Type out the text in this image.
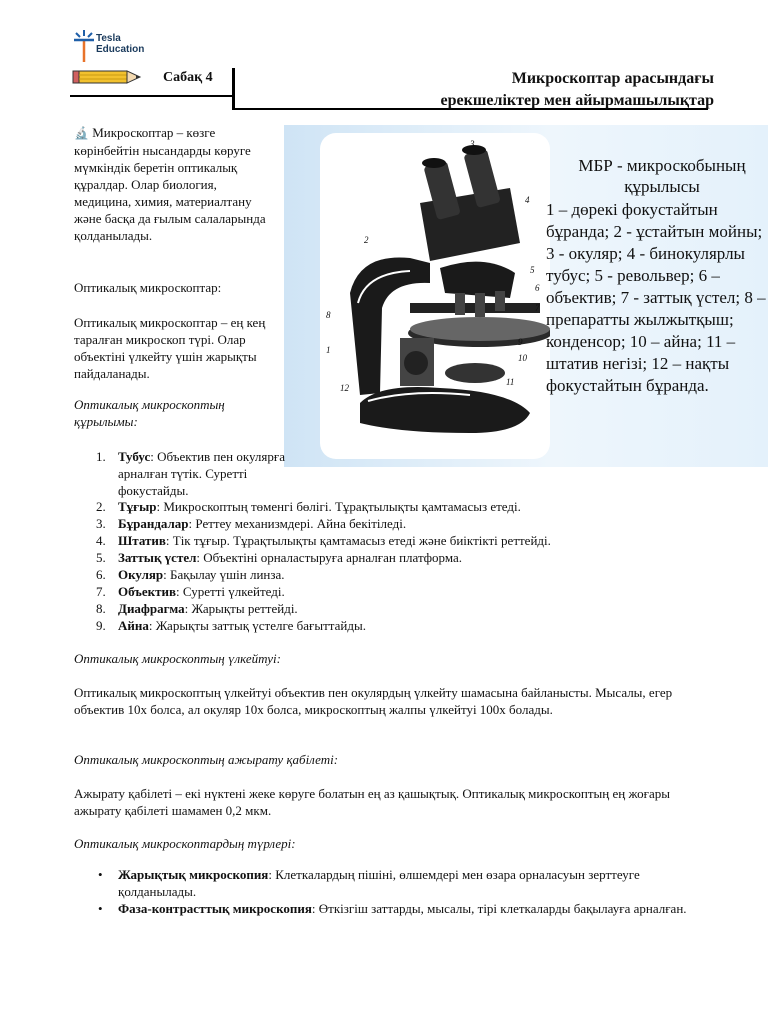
Tesla
Education
Сабақ 4	Микроскоптар арасындағы
ерекшеліктер мен айырмашылықтар
🔬 Микроскоптар – көзге көрінбейтін нысандарды көруге мүмкіндік беретін оптикалық құралдар. Олар биология, медицина, химия, материалтану және басқа да ғылым салаларында қолданылады.
Оптикалық микроскоптар:
Оптикалық микроскоптар – ең кең таралған микроскоп түрі. Олар объектіні үлкейту үшін жарықты пайдаланады.
Оптикалық микроскоптың құрылымы:
3
4
2
5
6
7
8
1
12
11
10
9
МБР - микроскобының құрылысы
1 – дөрекі фокустайтын бұранда; 2 - ұстайтын мойны; 3 - окуляр; 4 - бинокулярлы тубус; 5 - револьвер; 6 – объектив; 7 - заттық үстел; 8 – препаратты жылжытқыш; конденсор; 10 – айна; 11 – штатив негізі; 12 – нақты фокустайтын бұранда.
1. Тубус: Объектив пен окулярға арналған түтік. Суретті фокустайды.
2. Тұғыр: Микроскоптың төменгі бөлігі. Тұрақтылықты қамтамасыз етеді.
3. Бұрандалар: Реттеу механизмдері. Айна бекітіледі.
4. Штатив: Тік тұғыр. Тұрақтылықты қамтамасыз етеді және биіктікті реттейді.
5. Заттық үстел: Объектіні орналастыруға арналған платформа.
6. Окуляр: Бақылау үшін линза.
7. Объектив: Суретті үлкейтеді.
8. Диафрагма: Жарықты реттейді.
9. Айна: Жарықты заттық үстелге бағыттайды.
Оптикалық микроскоптың үлкейтуі:
Оптикалық микроскоптың үлкейтуі объектив пен окулярдың үлкейту шамасына байланысты. Мысалы, егер объектив 10x болса, ал окуляр 10x болса, микроскоптың жалпы үлкейтуі 100x болады.
Оптикалық микроскоптың ажырату қабілеті:
Ажырату қабілеті – екі нүктені жеке көруге болатын ең аз қашықтық. Оптикалық микроскоптың ең жоғары ажырату қабілеті шамамен 0,2 мкм.
Оптикалық микроскоптардың түрлері:
• Жарықтық микроскопия: Клеткалардың пішіні, өлшемдері мен өзара орналасуын зерттеуге қолданылады.
• Фаза-контрасттық микроскопия: Өткізгіш заттарды, мысалы, тірі клеткаларды бақылауға арналған.
